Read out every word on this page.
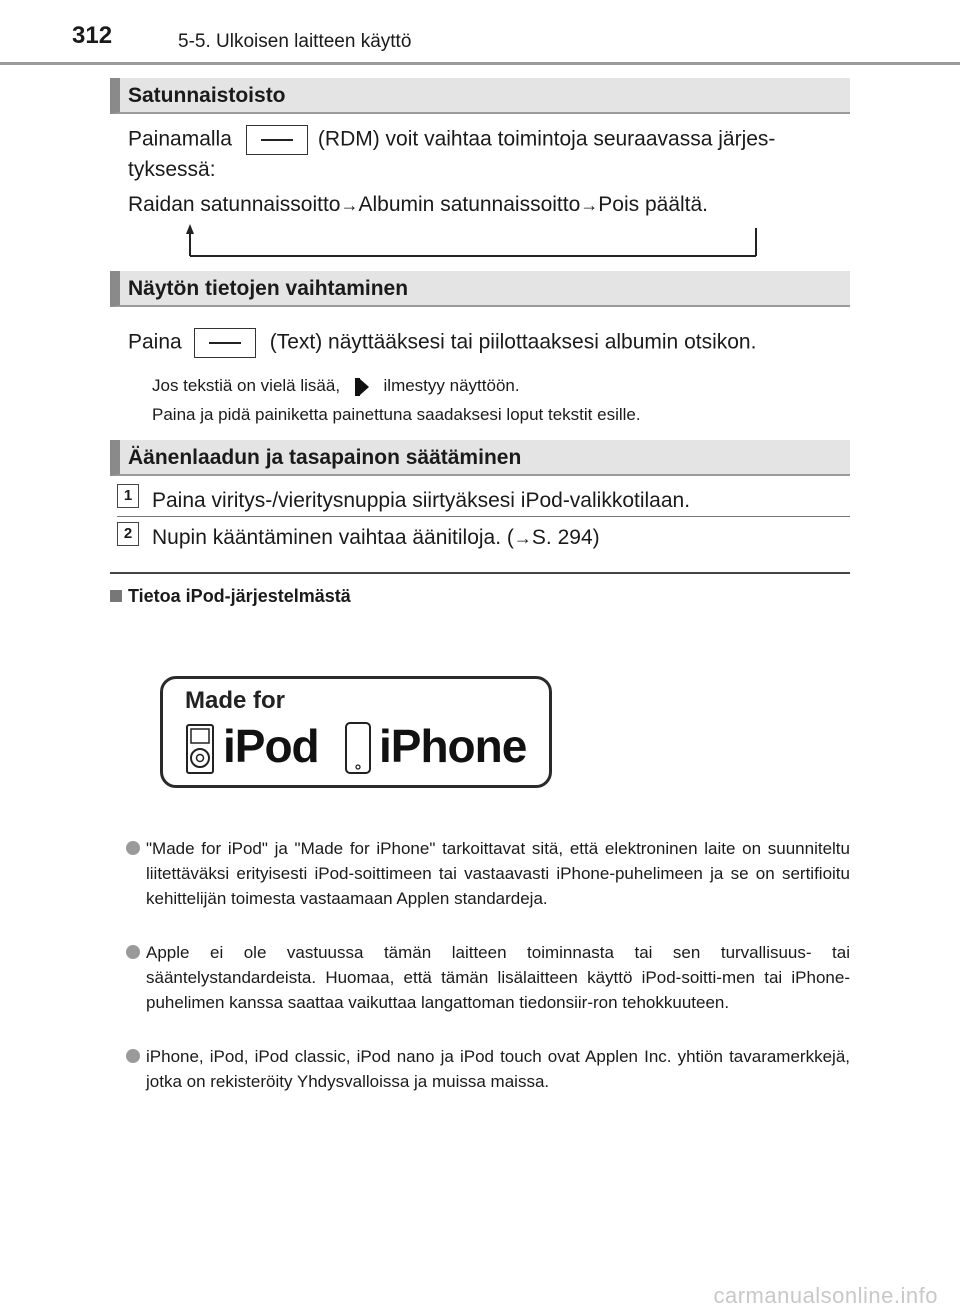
312	5-5. Ulkoisen laitteen käyttö
Satunnaistoisto
Painamalla	(RDM) voit vaihtaa toimintoja seuraavassa järjes-
tyksessä:
Raidan satunnaissoitto→Albumin satunnaissoitto→Pois päältä.
Näytön tietojen vaihtaminen
Paina	(Text) näyttääksesi tai piilottaaksesi albumin otsikon.
Jos tekstiä on vielä lisää,	ilmestyy näyttöön.
Paina ja pidä painiketta painettuna saadaksesi loput tekstit esille.
Äänenlaadun ja tasapainon säätäminen
1 Paina viritys-/vieritysnuppia siirtyäksesi iPod-valikkotilaan.
2 Nupin kääntäminen vaihtaa äänitiloja. (→S. 294)
Tietoa iPod-järjestelmästä
Made for
iPod iPhone
"Made for iPod" ja "Made for iPhone" tarkoittavat sitä, että elektroninen laite on suunniteltu liitettäväksi erityisesti iPod-soittimeen tai vastaavasti iPhone-puhelimeen ja se on sertifioitu kehittelijän toimesta vastaamaan Applen standardeja.
Apple ei ole vastuussa tämän laitteen toiminnasta tai sen turvallisuus- tai sääntelystandardeista. Huomaa, että tämän lisälaitteen käyttö iPod-soitti-men tai iPhone-puhelimen kanssa saattaa vaikuttaa langattoman tiedonsiir-ron tehokkuuteen.
iPhone, iPod, iPod classic, iPod nano ja iPod touch ovat Applen Inc. yhtiön tavaramerkkejä, jotka on rekisteröity Yhdysvalloissa ja muissa maissa.
carmanualsonline.info
